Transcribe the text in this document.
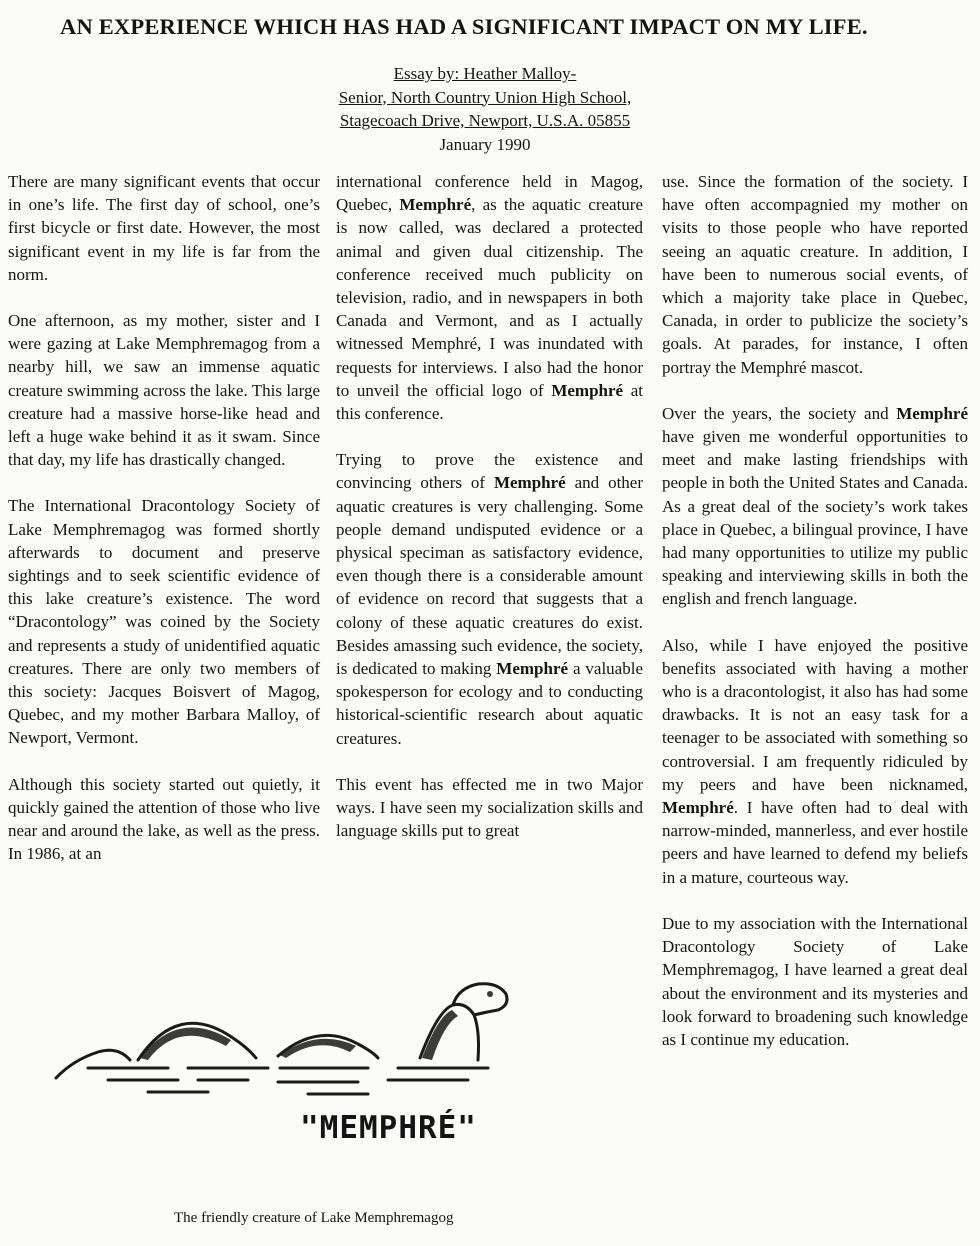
AN EXPERIENCE WHICH HAS HAD A SIGNIFICANT IMPACT ON MY LIFE.
Essay by: Heather Malloy-
Senior, North Country Union High School,
Stagecoach Drive, Newport, U.S.A. 05855
January 1990

There are many significant events that occur in one’s life. The first day of school, one’s first bicycle or first date. However, the most significant event in my life is far from the norm.

One afternoon, as my mother, sister and I were gazing at Lake Memphremagog from a nearby hill, we saw an immense aquatic creature swimming across the lake. This large creature had a massive horse-like head and left a huge wake behind it as it swam. Since that day, my life has drastically changed.

The International Dracontology Society of Lake Memphremagog was formed shortly afterwards to document and preserve sightings and to seek scientific evidence of this lake creature’s existence. The word “Dracontology” was coined by the Society and represents a study of unidentified aquatic creatures. There are only two members of this society: Jacques Boisvert of Magog, Quebec, and my mother Barbara Malloy, of Newport, Vermont.

Although this society started out quietly, it quickly gained the attention of those who live near and around the lake, as well as the press. In 1986, at an

international conference held in Magog, Quebec, Memphré, as the aquatic creature is now called, was declared a protected animal and given dual citizenship. The conference received much publicity on television, radio, and in newspapers in both Canada and Vermont, and as I actually witnessed Memphré, I was inundated with requests for interviews. I also had the honor to unveil the official logo of Memphré at this conference.

Trying to prove the existence and convincing others of Memphré and other aquatic creatures is very challenging. Some people demand undisputed evidence or a physical speciman as satisfactory evidence, even though there is a considerable amount of evidence on record that suggests that a colony of these aquatic creatures do exist. Besides amassing such evidence, the society, is dedicated to making Memphré a valuable spokesperson for ecology and to conducting historical-scientific research about aquatic creatures.

This event has effected me in two Major ways. I have seen my socialization skills and language skills put to great

use. Since the formation of the society. I have often accompagnied my mother on visits to those people who have reported seeing an aquatic creature. In addition, I have been to numerous social events, of which a majority take place in Quebec, Canada, in order to publicize the society’s goals. At parades, for instance, I often portray the Memphré mascot.

Over the years, the society and Memphré have given me wonderful opportunities to meet and make lasting friendships with people in both the United States and Canada. As a great deal of the society’s work takes place in Quebec, a bilingual province, I have had many opportunities to utilize my public speaking and interviewing skills in both the english and french language.

Also, while I have enjoyed the positive benefits associated with having a mother who is a dracontologist, it also has had some drawbacks. It is not an easy task for a teenager to be associated with something so controversial. I am frequently ridiculed by my peers and have been nicknamed, Memphré. I have often had to deal with narrow-minded, mannerless, and ever hostile peers and have learned to defend my beliefs in a mature, courteous way.

Due to my association with the International Dracontology Society of Lake Memphremagog, I have learned a great deal about the environment and its mysteries and look forward to broadening such knowledge as I continue my education.

"MEMPHRÉ"
The friendly creature of Lake Memphremagog
